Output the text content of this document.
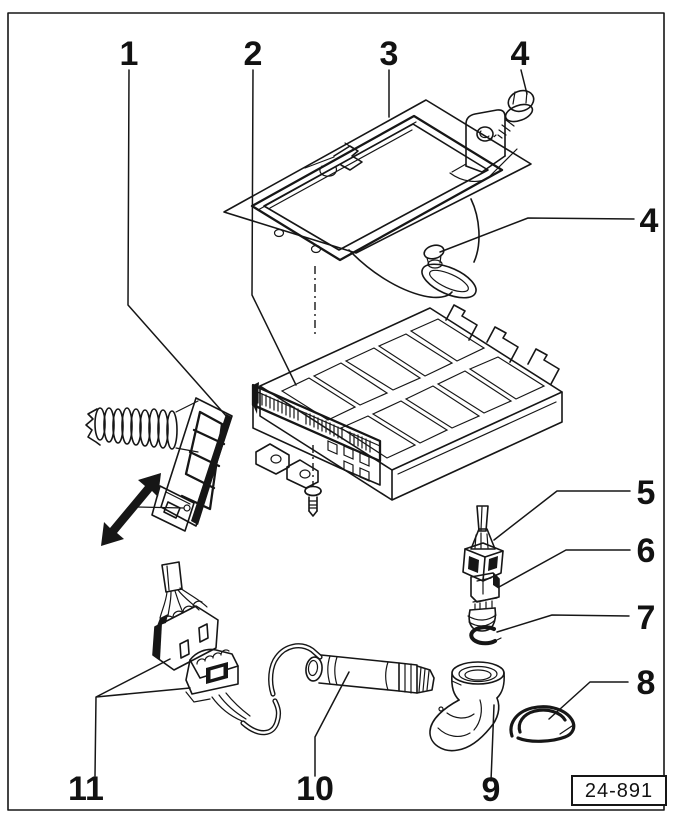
1	2	3	4
4
5
6
7
8
9
10
11	24-891
